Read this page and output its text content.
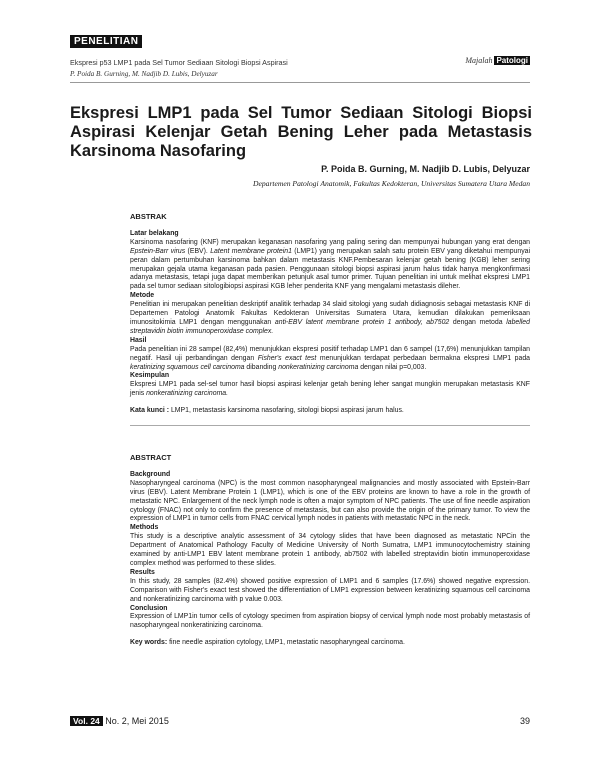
PENELITIAN
Ekspresi p53 LMP1 pada Sel Tumor Sediaan Sitologi Biopsi Aspirasi
P. Poida B. Gurning, M. Nadjib D. Lubis, Delyuzar
Majalah Patologi
Ekspresi LMP1 pada Sel Tumor Sediaan Sitologi Biopsi Aspirasi Kelenjar Getah Bening Leher pada Metastasis Karsinoma Nasofaring
P. Poida B. Gurning, M. Nadjib D. Lubis, Delyuzar
Departemen Patologi Anatomik, Fakultas Kedokteran, Universitas Sumatera Utara Medan

ABSTRAK

Latar belakang

Karsinoma nasofaring (KNF) merupakan keganasan nasofaring yang paling sering dan mempunyai hubungan yang erat dengan Epstein-Barr virus (EBV). Latent membrane protein1 (LMP1) yang merupakan salah satu protein EBV yang diketahui mempunyai peran dalam pertumbuhan karsinoma bahkan dalam metastasis KNF.Pembesaran kelenjar getah bening (KGB) leher sering merupakan gejala utama keganasan pada pasien. Penggunaan sitologi biopsi aspirasi jarum halus tidak hanya mengkonfirmasi adanya metastasis, tetapi juga dapat memberikan petunjuk asal tumor primer. Tujuan penelitian ini untuk melihat ekspresi LMP1 pada sel tumor sediaan sitologibiopsi aspirasi KGB leher penderita KNF yang mengalami metastasis dileher.

Metode

Penelitian ini merupakan penelitian deskriptif analitik terhadap 34 slaid sitologi yang sudah didiagnosis sebagai metastasis KNF di Departemen Patologi Anatomik Fakultas Kedokteran Universitas Sumatera Utara, kemudian dilakukan pemeriksaan imunositokimia LMP1 dengan menggunakan anti-EBV latent membrane protein 1 antibody, ab7502 dengan metoda labelled streptavidin biotin immunoperoxidase complex.

Hasil

Pada penelitian ini 28 sampel (82,4%) menunjukkan ekspresi positif terhadap LMP1 dan 6 sampel (17,6%) menunjukkan tampilan negatif. Hasil uji perbandingan dengan Fisher's exact test menunjukkan terdapat perbedaan bermakna ekspresi LMP1 pada keratinizing squamous cell carcinoma dibanding nonkeratinizing carcinoma dengan nilai p=0,003.

Kesimpulan

Ekspresi LMP1 pada sel-sel tumor hasil biopsi aspirasi kelenjar getah bening leher sangat mungkin merupakan metastasis KNF jenis nonkeratinizing carcinoma.

Kata kunci : LMP1, metastasis karsinoma nasofaring, sitologi biopsi aspirasi jarum halus.

ABSTRACT

Background

Nasopharyngeal carcinoma (NPC) is the most common nasopharyngeal malignancies and mostly associated with Epstein-Barr virus (EBV). Latent Membrane Protein 1 (LMP1), which is one of the EBV proteins are known to have a role in the growth of metastatic NPC. Enlargement of the neck lymph node is often a major symptom of NPC patients. The use of fine needle aspiration cytology (FNAC) not only to confirm the presence of metastasis, but can also provide the origin of the primary tumor. To view the expression of LMP1 in tumor cells from FNAC cervical lymph nodes in patients with metastatic NPC in the neck.

Methods

This study is a descriptive analytic assessment of 34 cytology slides that have been diagnosed as metastatic NPCin the Department of Anatomical Pathology Faculty of Medicine University of North Sumatra, LMP1 immunocytochemistry staining examined by anti-LMP1 EBV latent membrane protein 1 antibody, ab7502 with labelled streptavidin biotin immunoperoxidase complex method was performed to these slides.

Results

In this study, 28 samples (82.4%) showed positive expression of LMP1 and 6 samples (17.6%) showed negative expression. Comparison with Fisher's exact test showed the differentiation of LMP1 expression between keratinizing squamous cell carcinoma and nonkeratinizing carcinoma with p value 0.003.

Conclusion

Expression of LMP1in tumor cells of cytology specimen from aspiration biopsy of cervical lymph node most probably metastasis of nasopharyngeal nonkeratinizing carcinoma.

Key words: fine needle aspiration cytology, LMP1, metastatic nasopharyngeal carcinoma.

Vol. 24 No. 2, Mei 2015	39
